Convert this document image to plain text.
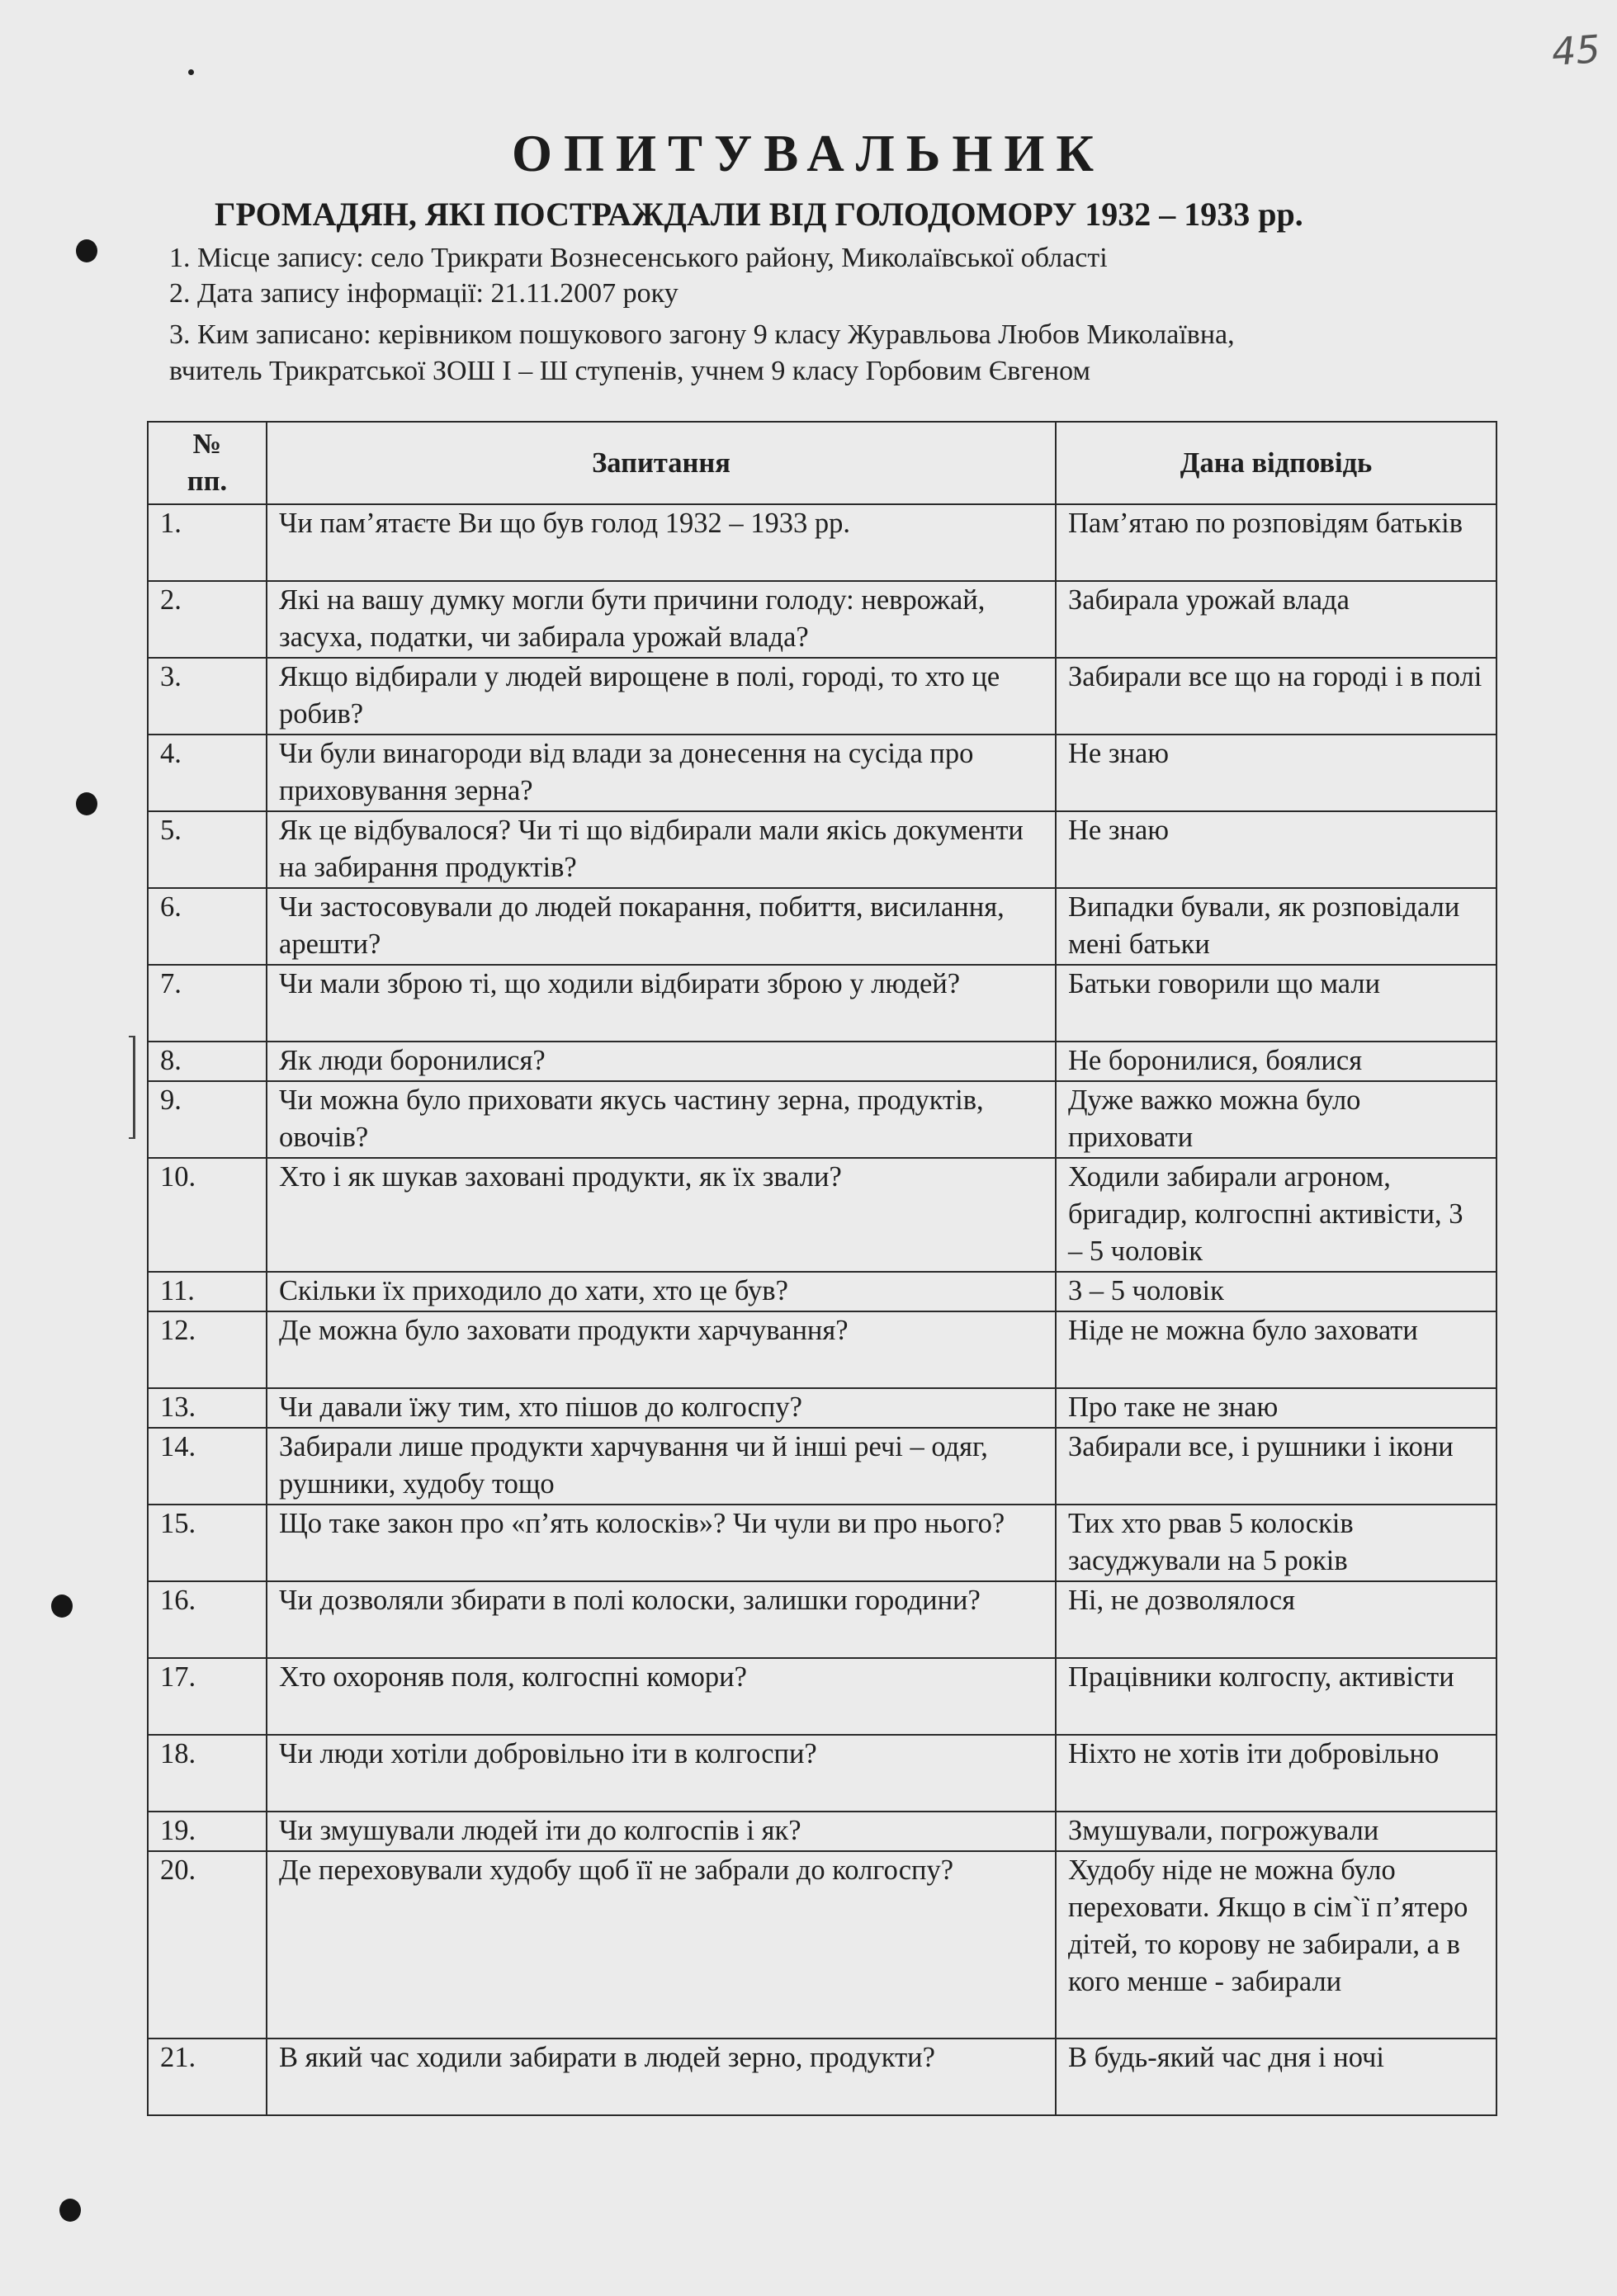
45
ОПИТУВАЛЬНИК
ГРОМАДЯН, ЯКІ ПОСТРАЖДАЛИ ВІД ГОЛОДОМОРУ 1932 – 1933 рр.
1. Місце запису: село Трикрати Вознесенського району, Миколаївської області
2. Дата запису інформації: 21.11.2007 року
3. Ким записано: керівником пошукового загону 9 класу Журавльова Любов Миколаївна,
вчитель Трикратської ЗОШ І – Ш ступенів, учнем 9 класу Горбовим Євгеном
№
пп.	Запитання	Дана відповідь
1.	Чи пам’ятаєте Ви що був голод 1932 – 1933 рр.	Пам’ятаю по розповідям батьків
2.	Які на вашу думку могли бути причини голоду: неврожай, засуха, податки, чи забирала урожай влада?	Забирала урожай влада
3.	Якщо відбирали у людей вирощене в полі, городі, то хто це робив?	Забирали все що на городі і в полі
4.	Чи були винагороди від влади за донесення на сусіда про приховування зерна?	Не знаю
5.	Як це відбувалося? Чи ті що відбирали мали якісь документи на забирання продуктів?	Не знаю
6.	Чи застосовували до людей покарання, побиття, висилання, арешти?	Випадки бували, як розповідали мені батьки
7.	Чи мали зброю ті, що ходили відбирати зброю у людей?	Батьки говорили що мали
8.	Як люди боронилися?	Не боронилися, боялися
9.	Чи можна було приховати якусь частину зерна, продуктів, овочів?	Дуже важко можна було приховати
10.	Хто і як шукав заховані продукти, як їх звали?	Ходили забирали агроном, бригадир, колгоспні активісти, 3 – 5 чоловік
11.	Скільки їх приходило до хати, хто це був?	3 – 5 чоловік
12.	Де можна було заховати продукти харчування?	Ніде не можна було заховати
13.	Чи давали їжу тим, хто пішов до колгоспу?	Про таке не знаю
14.	Забирали лише продукти харчування чи й інші речі – одяг, рушники, худобу тощо	Забирали все, і рушники і ікони
15.	Що таке закон про «п’ять колосків»? Чи чули ви про нього?	Тих хто рвав 5 колосків засуджували на 5 років
16.	Чи дозволяли збирати в полі колоски, залишки городини?	Ні, не дозволялося
17.	Хто охороняв поля, колгоспні комори?	Працівники колгоспу, активісти
18.	Чи люди хотіли добровільно іти в колгоспи?	Ніхто не хотів іти добровільно
19.	Чи змушували людей іти до колгоспів і як?	Змушували, погрожували
20.	Де переховували худобу щоб її не забрали до колгоспу?	Худобу ніде не можна було переховати. Якщо в сім`ї п’ятеро дітей, то корову не забирали, а в кого менше - забирали
21.	В який час ходили забирати в людей зерно, продукти?	В будь-який час дня і ночі
